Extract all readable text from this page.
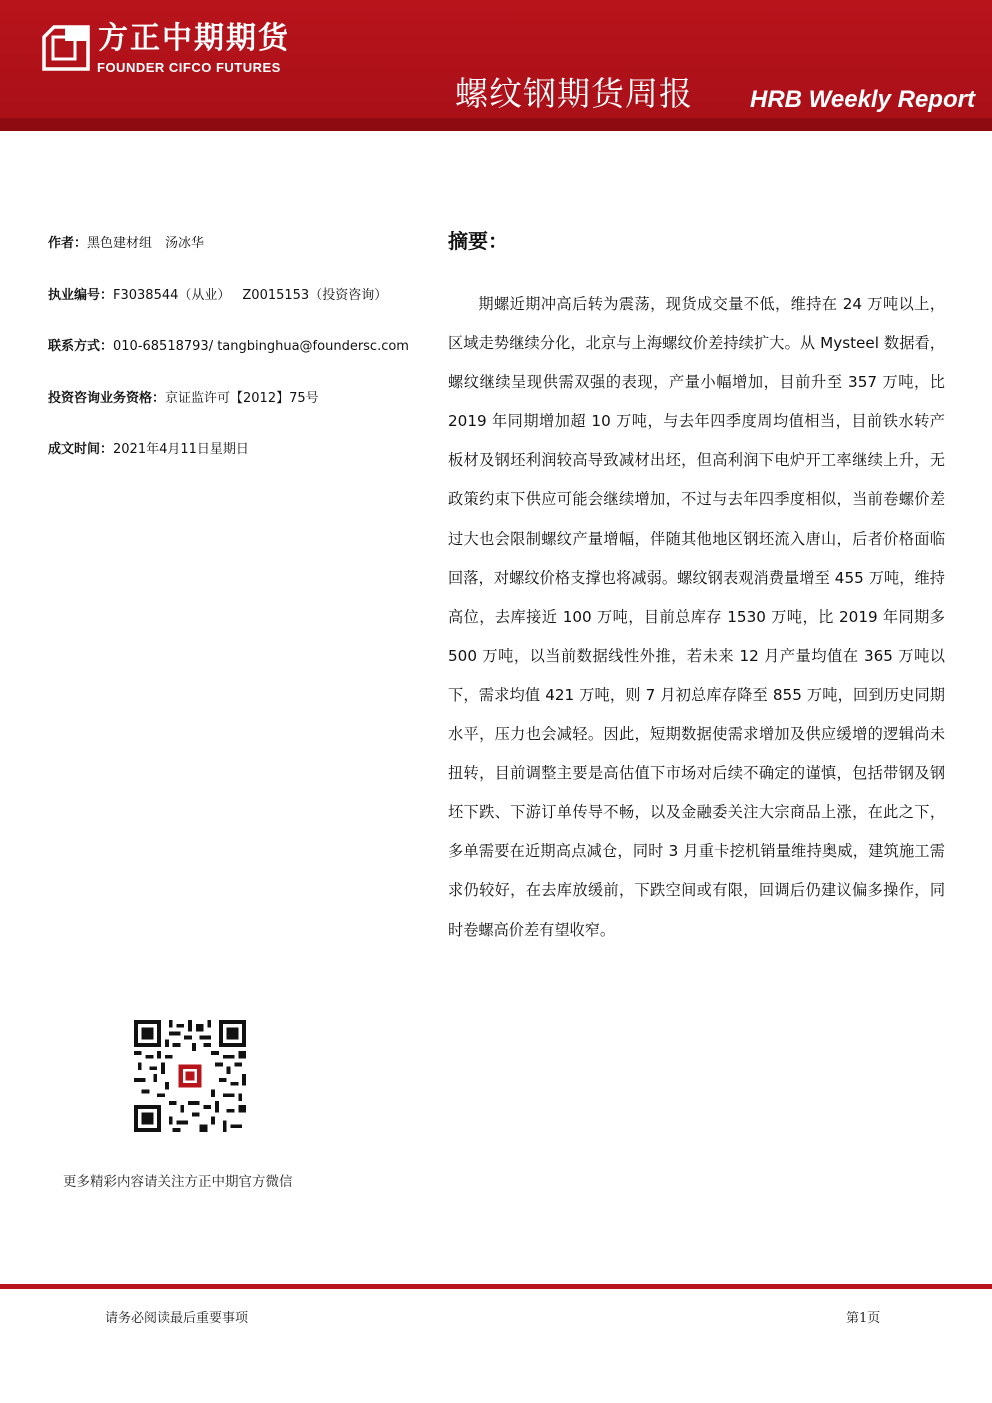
方正中期期货
FOUNDER CIFCO FUTURES
螺纹钢期货周报 HRB Weekly Report
作者：黑色建材组　汤冰华
执业编号：F3038544（从业） Z0015153（投资咨询）
联系方式：010-68518793/ tangbinghua@foundersc.com
投资咨询业务资格：京证监许可【2012】75号
成文时间：2021年4月11日星期日
摘要：

期螺近期冲高后转为震荡，现货成交量不低，维持在 24 万吨以上，区域走势继续分化，北京与上海螺纹价差持续扩大。从 Mysteel 数据看，螺纹继续呈现供需双强的表现，产量小幅增加，目前升至 357 万吨，比 2019 年同期增加超 10 万吨，与去年四季度周均值相当，目前铁水转产板材及钢坯利润较高导致减材出坯，但高利润下电炉开工率继续上升，无政策约束下供应可能会继续增加，不过与去年四季度相似，当前卷螺价差过大也会限制螺纹产量增幅，伴随其他地区钢坯流入唐山，后者价格面临回落，对螺纹价格支撑也将减弱。螺纹钢表观消费量增至 455 万吨，维持高位，去库接近 100 万吨，目前总库存 1530 万吨，比 2019 年同期多 500 万吨，以当前数据线性外推，若未来 12 月产量均值在 365 万吨以下，需求均值 421 万吨，则 7 月初总库存降至 855 万吨，回到历史同期水平，压力也会减轻。因此，短期数据使需求增加及供应缓增的逻辑尚未扭转，目前调整主要是高估值下市场对后续不确定的谨慎，包括带钢及钢坯下跌、下游订单传导不畅，以及金融委关注大宗商品上涨，在此之下，多单需要在近期高点减仓，同时 3 月重卡挖机销量维持奥威，建筑施工需求仍较好，在去库放缓前，下跌空间或有限，回调后仍建议偏多操作，同时卷螺高价差有望收窄。

更多精彩内容请关注方正中期官方微信
请务必阅读最后重要事项	第1页
